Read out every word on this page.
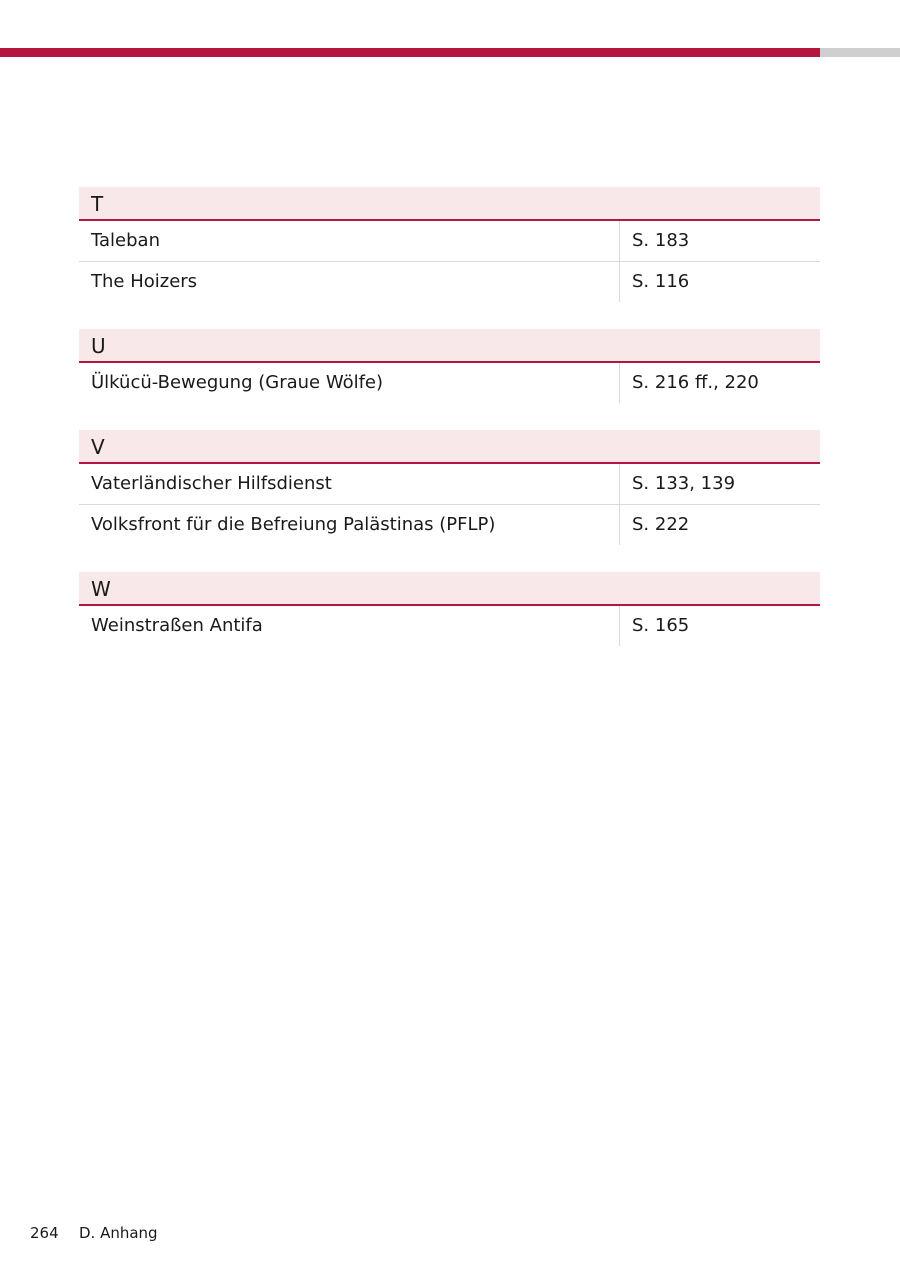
T
Taleban	S. 183
The Hoizers	S. 116
U
Ülkücü-Bewegung (Graue Wölfe)	S. 216 ff., 220
V
Vaterländischer Hilfsdienst	S. 133, 139
Volksfront für die Befreiung Palästinas (PFLP)	S. 222
W
Weinstraßen Antifa	S. 165
264 D. Anhang
